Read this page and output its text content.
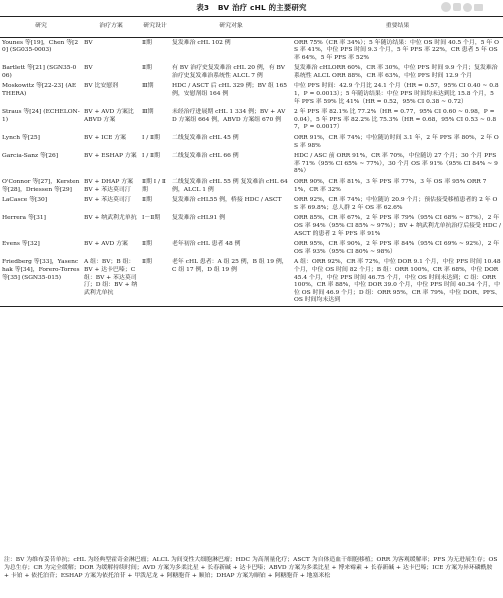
表3 BV 治疗 cHL 的主要研究
研究	治疗方案	研究设计	研究对象	重要结果
Younes 等[19]，Chen 等[20] (SG035-0003)	BV	Ⅱ期	复发难治 cHL 102 例	ORR 75%（CR 率 34%）；5 年随访结果：中位 OS 时间 40.5 个月，5 年 OS 率 41%，中位 PFS 时间 9.3 个月，5 年 PFS 率 22%，CR 患者 5 年 OS 率 64%，5 年 PFS 率 52%
Bartlett 等[21] (SGN35-006)	BV	Ⅱ期	有 BV 治疗史复发难治 cHL 20 例，有 BV 治疗史复发难治系统性 ALCL 7 例	复发难治 cHLORR 60%，CR 率 30%，中位 PFS 时间 9.9 个月；复发难治系统性 ALCL ORR 88%，CR 率 63%，中位 PFS 时间 12.9 个月
Moskowitz 等[22-23] (AETHERA)	BV 比安慰剂	Ⅲ期	HDC / ASCT 后 cHL 329 例；BV 组 165 例，安慰剂组 164 例	中位 PFS 时间：42.9 个月比 24.1 个月（HR = 0.57，95% CI 0.40 ~ 0.81，P = 0.0013）；5 年随访结果：中位 PFS 时间均未达到比 15.8 个月，5 年 PFS 率 59% 比 41%（HR = 0.52，95% CI 0.38 ~ 0.72）
Straus 等[24] (ECHELON-1)	BV + AVD 方案比 ABVD 方案	Ⅲ期	未经治疗进展期 cHL 1 334 例；BV + AVD 方案组 664 例，ABVD 方案组 670 例	2 年 PFS 率 82.1% 比 77.2%（HR = 0.77，95% CI 0.60 ~ 0.98，P = 0.04），5 年 PFS 率 82.2% 比 75.3%（HR = 0.68，95% CI 0.53 ~ 0.87，P = 0.0017）
Lynch 等[25]	BV + ICE 方案	Ⅰ / Ⅱ期	二线复发难治 cHL 45 例	ORR 91%，CR 率 74%；中位随访时间 3.1 年，2 年 PFS 率 80%，2 年 OS 率 98%
Garcia-Sanz 等[26]	BV + ESHAP 方案	Ⅰ / Ⅱ期	二线复发难治 cHL 66 例	HDC / ASC 前 ORR 91%，CR 率 70%，中位随访 27 个月；30 个月 PFS 率 71%（95% CI 65% ~ 77%），30 个月 OS 率 91%（95% CI 84% ~ 98%）
O'Connor 等[27]，Kersten 等[28]，Driessen 等[29]	BV + DHAP 方案 BV + 苯达莫司汀	Ⅱ期 Ⅰ / Ⅱ期	二线复发难治 cHL 55 例 复发难治 cHL 64 例，ALCL 1 例	ORR 90%，CR 率 81%，3 年 PFS 率 77%，3 年 OS 率 95% ORR 71%，CR 率 32%
LaCasce 等[30]	BV + 苯达莫司汀	Ⅱ期	复发难治 cHL55 例，桥接 HDC / ASCT	ORR 92%，CR 率 74%；中位随访 20.9 个月；预估接受移植患者的 2 年 OS 率 69.8%；总人群 2 年 OS 率 62.6%
Herrera 等[31]	BV + 纳武利尤单抗	Ⅰ－Ⅱ期	复发难治 cHL91 例	ORR 85%，CR 率 67%，2 年 PFS 率 79%（95% CI 68% ~ 87%），2 年 OS 率 94%（95% CI 85% ~ 97%）；BV + 纳武利尤单抗治疗后接受 HDC / ASCT 的患者 2 年 PFS 率 91%
Evens 等[32]	BV + AVD 方案	Ⅱ期	老年初治 cHL 患者 48 例	ORR 95%，CR 率 90%，2 年 PFS 率 84%（95% CI 69% ~ 92%），2 年 OS 率 93%（95% CI 80% ~ 98%）
Friedberg 等[33]，Yasenchak 等[34]，Forero-Torres 等[35] (SGN35-015)	A 组：BV；B 组：BV + 达卡巴嗪；C 组：BV + 苯达莫司汀；D 组：BV + 纳武利尤单抗	Ⅱ期	老年 cHL 患者：A 组 25 例，B 组 19 例，C 组 17 例，D 组 19 例	A 组：ORR 92%，CR 率 72%，中位 DOR 9.1 个月，中位 PFS 时间 10.48 个月，中位 OS 时间 82 个月；B 组：ORR 100%，CR 率 68%，中位 DOR 45.4 个月，中位 PFS 时间 46.75 个月，中位 OS 时间未达到；C 组：ORR 100%，CR 率 88%，中位 DOR 39.0 个月，中位 PFS 时间 40.34 个月，中位 OS 时间 46.9 个月；D 组：ORR 95%，CR 率 79%，中位 DOR、PFS、OS 时间均未达到
注：BV 为维布妥昔单抗；cHL 为经典型霍奇金淋巴瘤；ALCL 为间变性大细胞淋巴瘤；HDC 为高剂量化疗；ASCT 为自体造血干细胞移植；ORR 为客观缓解率；PFS 为无进展生存；OS 为总生存；CR 为完全缓解；DOR 为缓解持续时间；AVD 方案为多柔比星 + 长春新碱 + 达卡巴嗪；ABVD 方案为多柔比星 + 博来霉素 + 长春新碱 + 达卡巴嗪；ICE 方案为异环磷酰胺 + 卡铂 + 依托泊苷；ESHAP 方案为依托泊苷 + 甲泼尼龙 + 阿糖胞苷 + 顺铂；DHAP 方案为顺铂 + 阿糖胞苷 + 地塞米松
